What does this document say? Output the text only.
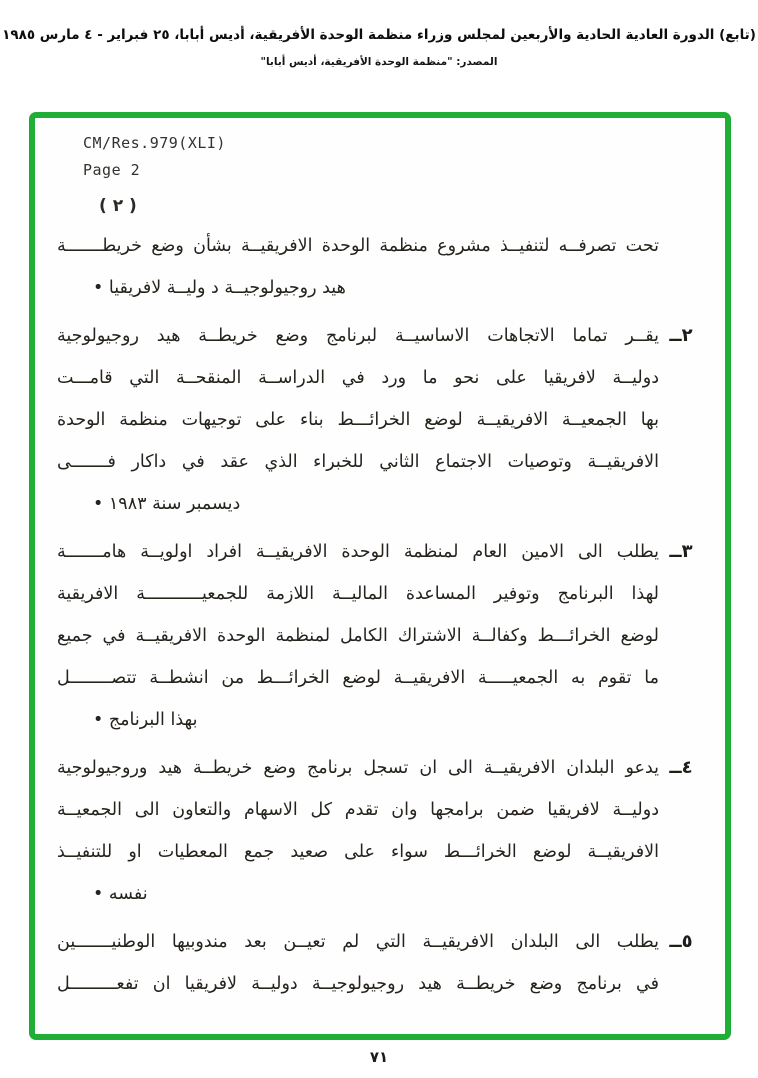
(تابع) الدورة العادية الحادية والأربعين لمجلس وزراء منظمة الوحدة الأفريقية، أديس أبابا، ٢٥ فبراير - ٤ مارس ١٩٨٥
المصدر: "منظمة الوحدة الأفريقية، أديس أبابا"
CM/Res.979(XLI)
Page 2
( ٢ )
تحت تصرفــه لتنفيــذ مشروع منظمة الوحدة الافريقيــة بشأن وضع خريطـــــــة
هيد روجيولوجيــة د وليــة لافريقيا •
٢ــ
يقــر تماما الاتجاهات الاساسيــة لبرنامج وضع خريطــة هيد روجيولوجية
دوليــة لافريقيا على نحو ما ورد في الدراســة المنقحــة التي قامـــت
بها الجمعيــة الافريقيــة لوضع الخرائـــط بناء على توجيهات منظمة الوحدة
الافريقيــة وتوصيات الاجتماع الثاني للخبراء الذي عقد في داكار فـــــــى
ديسمبر سنة ١٩٨٣ •
٣ــ
يطلب الى الامين العام لمنظمة الوحدة الافريقيــة افراد اولويــة هامـــــــة
لهذا البرنامج وتوفير المساعدة الماليــة اللازمة للجمعيـــــــــــة الافريقية
لوضع الخرائـــط وكفالــة الاشتراك الكامل لمنظمة الوحدة الافريقيــة في جميع
ما تقوم به الجمعيـــــة الافريقيــة لوضع الخرائـــط من انشطــة تتصــــــــل
بهذا البرنامج •
٤ــ
يدعو البلدان الافريقيــة الى ان تسجل برنامج وضع خريطــة هيد وروجيولوجية
دوليــة لافريقيا ضمن برامجها وان تقدم كل الاسهام والتعاون الى الجمعيــة
الافريقيــة لوضع الخرائـــط سواء على صعيد جمع المعطيات او للتنفيــذ
نفسه •
٥ــ
يطلب الى البلدان الافريقيــة التي لم تعيــن بعد مندوبيها الوطنيـــــــين
في برنامج وضع خريطــة هيد روجيولوجيــة دوليــة لافريقيا ان تفعـــــــــل
٧١
